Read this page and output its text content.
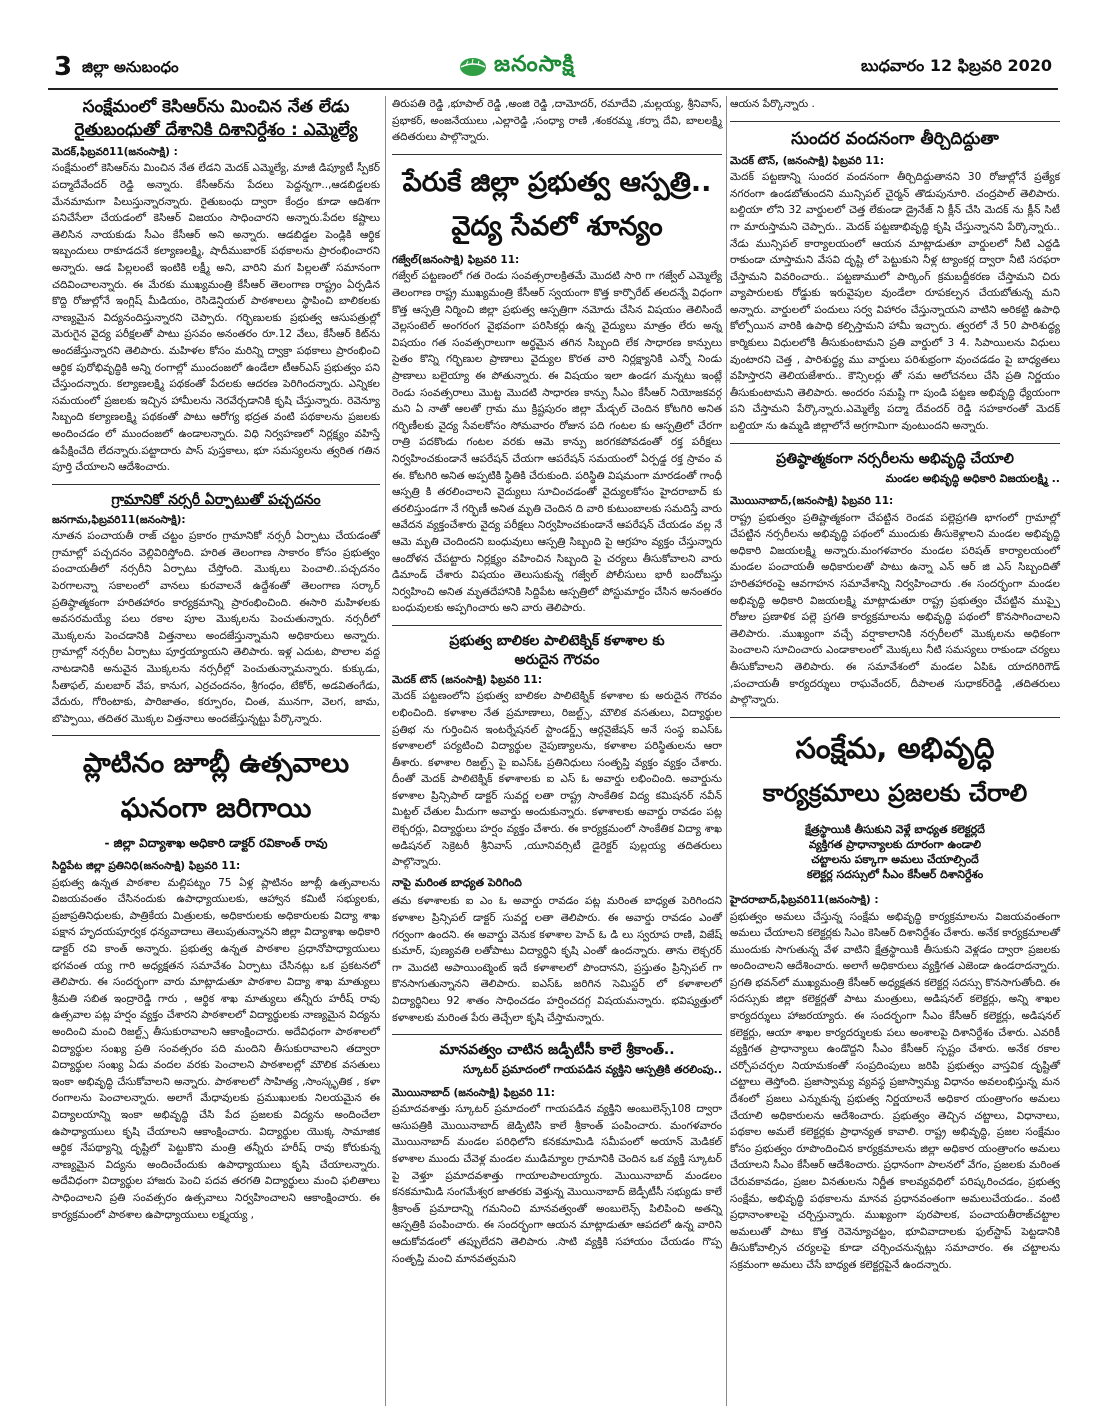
3 జిల్లా అనుబంధం	జనంసాక్షి	బుధవారం 12 ఫిబ్రవరి 2020
సంక్షేమంలో కెసిఆర్‌ను మించిన నేత లేడు
రైతుబంధుతో దేశానికి దిశానిర్దేశం : ఎమ్మెల్యే

మెదక్‌,ఫిబ్రవరి11(జనంసాక్షి) :

సంక్షేమంలో కెసిఆర్‌ను మించిన నేత లేడని మెదక్‌ ఎమ్మెల్యే, మాజీ డిప్యూటీ స్పీకర్‌ పద్మాదేవేందర్‌ రెడ్డి అన్నారు. కేసీఆర్‌ను పేదలు పెద్దన్నగా..,ఆడబిడ్డలకు మేనమామగా పిలుస్తున్నారన్నారు. రైతుబంధు ద్వారా కేంద్రం కూడా ఆదిశగా పనిచేసేలా చేయడంలో కెసిఆర్‌ విజయం సాధించారని అన్నారు.పేదల కష్టాలు తెలిసిన నాయకుడు సీఎం కేసీఆర్‌ అని అన్నారు. ఆడబిడ్డల పెండ్లికి ఆర్థిక ఇబ్బందులు రాకూడదనే కల్యాణలక్ష్మి, షాదీముబారక్‌ పథకాలను ప్రారంభించారని అన్నారు. ఆడ పిల్లలంటే ఇంటికి లక్ష్మీ అని, వారిని మగ పిల్లలతో సమానంగా చదివించాలన్నారు. ఈ మేరకు ముఖ్యమంత్రి కేసీఆర్‌ తెలంగాణ రాష్ట్రం ఏర్పడిన కొద్ది రోజుల్లోనే ఇంగ్లిష్‌ మీడియం, రెసిడెన్షియల్‌ పాఠశాలలు స్థాపించి బాలికలకు నాణ్యమైన విద్యనందిస్తున్నారని చెప్పారు. గర్భిణులకు ప్రభుత్వ ఆసుపత్రుల్లో మెరుగైన వైద్య పరీక్షలతో పాటు ప్రసవం అనంతరం రూ.12 వేలు, కేసీఆర్‌ కిట్‌ను అందజేస్తున్నారని తెలిపారు. మహిళల కోసం మరిన్ని ద్వాక్రా పథకాలు ప్రారంభించి ఆర్థిక పురోభివృద్ధికి అన్ని రంగాల్లో ముందంజలో ఉండేలా టీఆర్‌ఎస్‌ ప్రభుత్వం పని చేస్తుందన్నారు. కల్యాణలక్ష్మి పథకంతో పేదలకు ఆదరణ పెరిగిందన్నారు. ఎన్నికల సమయంలో ప్రజలకు ఇచ్చిన హామీలను నెరవేర్చడానికి కృషి చేస్తున్నారు. రెవెన్యూ సిబ్బంది కల్యాణలక్ష్మి పథకంతో పాటు ఆరోగ్య భద్రత వంటి పథకాలను ప్రజలకు అందించడం లో ముందంజలో ఉండాలన్నారు. విధి నిర్వహణలో నిర్లక్ష్యం వహిస్తే ఉపేక్షించేది లేదన్నారు.పట్టాదారు పాస్‌ పుస్తకాలు, భూ సమస్యలను త్వరిత గతిన పూర్తి చేయాలని ఆదేశించారు.

గ్రామానికో నర్సరీ ఏర్పాటుతో పచ్చదనం

జనగామ,ఫిబ్రవరి11(జనంసాక్షి):

నూతన పంచాయతీ రాజ్‌ చట్టం ప్రకారం గ్రామానికో నర్సరీ ఏర్పాటు చేయడంతో గ్రామాల్లో పచ్చదనం వెల్లివిరిస్తోంది. హరిత తెలంగాణ సాకారం కోసం ప్రభుత్వం పంచాయతీలో నర్సరీని ఏర్పాటు చేస్తోంది. మొక్కలు పెంచాలి..పచ్చదనం పెరగాలన్నా సకాలంలో వానలు కురవాలనే ఉద్దేశంతో తెలంగాణ సర్కార్‌ ప్రతిష్ఠాత్మకంగా హరితహారం కార్యక్రమాన్ని ప్రారంభించింది. ఈసారి మహిళలకు అవసరమయ్యే పలు రకాల పూల మొక్కలను పెంచుతున్నారు. నర్సరీలో మొక్కలను పెంచడానికి విత్తనాలు అందజేస్తున్నామని అధికారులు అన్నారు. గ్రామాల్లో నర్సరీల ఏర్పాటు పూర్తయ్యాయని తెలిపారు. ఇళ్ల ఎదుట, పొలాల వద్ద నాటడానికి అనువైన మొక్కలను నర్సరీల్లో పెంచుతున్నామన్నారు. కుక్కుడు, సీతాఫల్‌, మలబార్‌ వేప, కానుగ, ఎర్రచందనం, శ్రీగంధం, టేకోర్‌, అడవితంగేడు, వేదురు, గోరింటాకు, పారిజాతం, కర్పూరం, చింత, మునగా, వెలగ, జామ, బొప్పాయి, తదితర మొక్కల విత్తనాలు అందజేస్తున్నట్టు పేర్కొన్నారు.

ప్లాటినం జూబ్లీ ఉత్సవాలు
ఘనంగా జరిగాయి

- జిల్లా విద్యాశాఖ అధికారి డాక్టర్‌ రవికాంత్‌ రావు

సిద్దిపేట జిల్లా ప్రతినిధి(జనంసాక్షి) ఫిబ్రవరి 11:

ప్రభుత్వ ఉన్నత పాఠశాల మల్లిపట్నం 75 ఏళ్ల ప్లాటినం జూబ్లీ ఉత్సవాలను విజయవంతం చేసినందుకు ఉపాధ్యాయులకు, ఆహ్వాన కమిటీ సభ్యులకు, ప్రజాప్రతినిధులకు, పాత్రికేయ మిత్రులకు, అధికారులకు అధికారులకు విద్యా శాఖ పక్షాన హృదయపూర్వక ధన్యవాదాలు తెలుపుతున్నానని జిల్లా విద్యాశాఖ అధికారి డాక్టర్‌ రవి కాంత్‌ అన్నారు. ప్రభుత్వ ఉన్నత పాఠశాల ప్రధానోపాధ్యాయులు భగవంత య్య గారి అధ్యక్షతన సమావేశం ఏర్పాటు చేసినట్లు ఒక ప్రకటనలో తెలిపారు. ఈ సందర్భంగా వారు మాట్లాడుతూ పాఠశాల విద్యా శాఖ మాత్యులు శ్రీమతి సబిత ఇంద్రారెడ్డి గారు , ఆర్థిక శాఖ మాత్యులు తన్నీరు హరీష్‌ రావు ఉత్సవాల పట్ల హర్షం వ్యక్తం చేశారని పాఠశాలలో విద్యార్థులకు నాణ్యమైన విద్యను అందించి మంచి రిజల్ట్స్‌ తీసుకురావాలని ఆకాంక్షించారు. అదేవిధంగా పాఠశాలలో విద్యార్థుల సంఖ్య ప్రతి సంవత్సరం పది మందిని తీసుకురావాలని తద్వారా విద్యార్థుల సంఖ్య ఏడు వందల వరకు పెంచాలని పాఠశాలల్లో మౌలిక వసతులు ఇంకా అభివృద్ధి చేసుకోవాలని అన్నారు. పాఠశాలలో సాహిత్య ,సాంస్కృతిక , కళా రంగాలను పెంచాలన్నారు. అలాగే మేధావులకు ప్రముఖులకు నిలయమైన ఈ విద్యాలయాన్ని ఇంకా అభివృద్ధి చేసి పేద ప్రజలకు విద్యను అందించేలా ఉపాధ్యాయులు కృషి చేయాలని ఆకాంక్షించారు. విద్యార్థుల యొక్క సామాజిక ఆర్థిక నేపథ్యాన్ని దృష్టిలో పెట్టుకొని మంత్రి తన్నీరు హరీష్‌ రావు కోరుకున్న నాణ్యమైన విద్యను అందించేందుకు ఉపాధ్యాయులు కృషి చేయాలన్నారు. అదేవిధంగా విద్యార్థుల హాజరు పెంచి పదవ తరగతి విద్యార్థులు మంచి ఫలితాలు సాధించాలని ప్రతి సంవత్సరం ఉత్సవాలు నిర్వహించాలని ఆకాంక్షించారు. ఈ కార్యక్రమంలో పాఠశాల ఉపాధ్యాయులు లక్ష్మయ్య ,

తిరుపతి రెడ్డి ,భూపాల్‌ రెడ్డి ,అంజి రెడ్డి ,దామోదర్‌, రమాదేవి ,మల్లయ్య, శ్రీనివాస్‌, ప్రభాకర్‌, అంజనేయులు ,ఎల్లారెడ్డి ,సంధ్యా రాణి ,శంకరమ్మ ,కర్నా దేవి, బాలలక్ష్మి తదితరులు పాల్గొన్నారు.

పేరుకే జిల్లా ప్రభుత్వ ఆస్పత్రి..
వైద్య సేవలో శూన్యం

గజ్వేల్‌(జనంసాక్షి) ఫిబ్రవరి 11:

గజ్వేల్‌ పట్టణంలో గత రెండు సంవత్సరాలక్రితమే మొదటి సారి గా గజ్వేల్‌ ఎమ్మెల్యే తెలంగాణ రాష్ట్ర ముఖ్యమంత్రి కేసీఆర్‌ స్వయంగా కొత్త కార్పొరేట్‌ తలదన్నే విధంగా కొత్త ఆస్పత్రి నిర్మించి జిల్లా ప్రభుత్వ ఆస్పత్రిగా నమోదు చేసిన విషయం తెలిసిందే వెల్లసంటెల్‌ అంగరంగ వైభవంగా పరిసికర్లు ఉన్న వైద్యులు మాత్రం లేరు అన్న విషయం గత సంవత్సరాలుగా అర్థమైన తగిన సిబ్బంది లేక సాధారణ కాన్పులు సైతం కొన్ని గర్భిణుల ప్రాణాలు వైద్యుల కొరత వారి నిర్లక్ష్యానికి ఎన్నో నిండు ప్రాణాలు బలైయ్యా ఈ పోతున్నారు. ఈ విషయం ఇలా ఉండగ మన్నటు ఇంట్లే రెండు సంవత్సరాలు మొట్ట మొదటి సాధారణ కాన్పు సీఎం కేసీఆర్‌ నియోజకవర్గ మని ఏ నాతో ఆలతో గ్రామ ము క్రిష్టపురం జిల్లా మేడ్చల్‌ చెందిన కోటగిరి అనిత గర్భిణీలకు వైద్య సేవలకోసం సోమవారం రోజున పది గంటల కు ఆస్పత్రిలో చేరగా రాత్రి పదకొండు గంటల వరకు ఆమె కాన్పు జరగకపోవడంతో రక్త పరీక్షలు నిర్వహించకుండానే ఆపరేషన్‌ చేయగా ఆపరేషన్‌ సమయంలో ఏర్పడ్డ రక్త స్రావం వ ఈ. కోటగిరి అనిత అప్పటికి స్థితికి చేరుకుంది. పరిస్థితి విషమంగా మారడంతో గాంధీ ఆస్పత్రి కి తరలించాలని వైద్యులు సూచించడంతో వైద్యులకోసం హైదరాబాద్‌ కు తరలిస్తుండగా నే గర్భిణీ అనిత మృతి చెందిన ది వారి కుటుంబాలకు సమదిస్తే వారు ఆవేదన వ్యక్తంచేశారు వైద్య పరీక్షలు నిర్వహించకుండానే ఆపరేషన్‌ చేయడం వల్ల నే ఆమె మృతి చెందిందని బంధువులు ఆస్పత్రి సిబ్బంది పై ఆగ్రహం వ్యక్తం చేస్తున్నారు ఆందోళన చేపట్టారు నిర్లక్ష్యం వహించిన సిబ్బంది పై చర్యలు తీసుకోవాలని వారు డిమాండ్‌ చేశారు విషయం తెలుసుకున్న గజ్వేల్‌ పోలీసులు భారీ బందోబస్తు నిర్వహించి అనిత మృతదేహానికి సిద్దిపేట ఆస్పత్రిలో పోస్టుమార్టం చేసిన అనంతరం బంధువులకు అప్పగించారు అని వారు తెలిపారు.

ప్రభుత్వ బాలికల పాలిటెక్నిక్‌ కళాశాల కు
అరుదైన గౌరవం

మెదక్‌ టౌన్‌ (జనంసాక్షి) ఫిబ్రవరి 11:

మెదక్‌ పట్టణంలోని ప్రభుత్వ బాలికల పాలిటెక్నిక్‌ కళాశాల కు అరుదైన గౌరవం లభించింది. కళాశాల నేత ప్రమాణాలు, రిజల్ట్స్‌, మౌలిక వసతులు, విద్యార్థుల ప్రతిభ ను గుర్తించిన ఇంటర్నేషనల్‌ స్టాండర్డ్స్‌ ఆర్గనైజేషన్‌ అనే సంస్థ ఐఎస్‌ఓ కళాశాలలో పర్యటించి విద్యార్థుల నైపుణ్యాలను, కళాశాల పరిస్థితులను ఆరా తీశారు. కళాశాల రిజల్ట్స్‌ పై ఐఎస్‌ఓ ప్రతినిధులు సంతృప్తి వ్యక్తం వ్యక్తం చేశారు. దీంతో మెదక్‌ పాలిటెక్నిక్‌ కళాశాలకు ఐ ఎస్‌ ఓ అవార్డు లభించింది. అవార్డును కళాశాల ప్రిన్సిపాల్‌ డాక్టర్‌ సువర్ణ లతా రాష్ట్ర సాంకేతిక విద్య కమిషనర్‌ నవీన్‌ మిట్టల్‌ చేతుల మీదుగా అవార్డు అందుకున్నారు. కళాశాలకు అవార్డు రావడం పట్ల లెక్చరర్లు, విద్యార్థులు హర్షం వ్యక్తం చేశారు. ఈ కార్యక్రమంలో సాంకేతిక విద్యా శాఖ అడిషనల్‌ సెక్రెటరీ శ్రీనివాస్‌ ,యూనివర్సిటీ డైరెక్టర్‌ పుల్లయ్య తదితరులు పాల్గొన్నారు.

నాపై మరింత బాధ్యత పెరిగింది

తమ కళాశాలకు ఐ ఎం ఓ అవార్డు రావడం పట్ల మరింత బాధ్యత పెరిగిందని కళాశాల ప్రిన్సిపల్‌ డాక్టర్‌ సువర్ణ లతా తెలిపారు. ఈ అవార్డు రావడం ఎంతో గర్వంగా ఉందని. ఈ అవార్డు వెనుక కళాశాల హెచ్‌ ఓ డి లు స్వరూప రాణి, విజేష్‌ కుమార్‌, పుణ్యవతి లతోపాటు విద్యార్థిని కృషి ఎంతో ఉందన్నారు. తాను లెక్చరర్‌ గా మొదటి అపాయింట్మెంట్‌ ఇదే కళాశాలలో పొందానని, ప్రస్తుతం ప్రిన్సిపల్‌ గా కొనసాగుతున్నానని తెలిపారు. ఐఎస్‌ఓ జరిగిన సెమిస్టర్‌ లో కళాశాలలో విద్యార్థినిలు 92 శాతం సాధించడం హర్షించదగ్గ విషయమన్నారు. భవిష్యత్తులో కళాశాలకు మరింత పేరు తెచ్చేలా కృషి చేస్తామన్నారు.

మానవత్వం చాటిన జడ్పీటీసీ కాలే శ్రీకాంత్‌..

స్కూటర్‌ ప్రమాదంలో గాయపడిన వ్యక్తిని ఆస్పత్రికి తరలింపు..

మొయినాబాద్‌ (జనంసాక్షి) ఫిబ్రవరి 11:

ప్రమాదవశాత్తు స్కూటర్‌ ప్రమాదంలో గాయపడిన వ్యక్తిని అంబులెన్స్‌108 ద్వారా ఆసుపత్రికి మొయినాబాద్‌ జెడ్పిటిసి కాలే శ్రీకాంత్‌ పంపించారు. మంగళవారం మొయినాబాద్‌ మండల పరిధిలోని కనకమామిడి సమీపంలో అయాన్‌ మెడికల్‌ కళాశాల ముందు చేవెళ్ల మండల ముడిమ్యాల గ్రామానికి చెందిన ఒక వ్యక్తి స్కూటర్‌ పై వెళ్తూ ప్రమాదవశాత్తు గాయాలపాలయ్యారు. మొయినాబాద్‌ మండలం కనకమామిడి సంగమేశ్వర జాతరకు వెళ్తున్న మొయినాబాద్‌ జెడ్పీటీసీ సభ్యుడు కాలే శ్రీకాంత్‌ ప్రమాదాన్ని గమనించి మానవత్వంతో అంబులెన్స్‌ పిలిపించి అతన్ని ఆస్పత్రికి పంపించారు. ఈ సందర్భంగా ఆయన మాట్లాడుతూ ఆపదలో ఉన్న వారిని ఆదుకోవడంలో తప్పులేదని తెలిపారు .సాటి వ్యక్తికి సహాయం చేయడం గొప్ప సంతృప్తి మంచి మానవత్వమని

ఆయన పేర్కొన్నారు .

సుందర వందనంగా తీర్చిదిద్దుతా

మెదక్‌ టౌన్‌, (జనంసాక్షి) ఫిబ్రవరి 11:

మెదక్‌ పట్టణాన్ని సుందర వందనంగా తీర్చిదిద్దుతానని 30 రోజుల్లోనే ప్రత్యేక నగరంగా ఉండబోతుందని మున్సిపల్‌ చైర్మన్‌ తొడుపునూరి. చంద్రపాల్‌ తెలిపారు. బల్దియా లోని 32 వార్డులలో చెత్త లేకుండా డ్రైనేజ్‌ ని క్లీన్‌ చేసి మెదక్‌ ను క్లీన్‌ సిటీ గా మారుస్తామని చెప్పారు.. మెదక్‌ పట్టణాభివృద్ధి కృషి చేస్తున్నానని పేర్కొన్నారు.. నేడు మున్సిపల్‌ కార్యాలయంలో ఆయన మాట్లాడుతూ వార్డులలో నీటి ఎద్దడి రాకుండా చూస్తామని వేసవి దృష్టి లో పెట్టుకుని నీళ్ల ట్యాంకర్ల ద్వారా నీటి సరఫరా చేస్తామని వివరించారు.. పట్టణాములో పార్కింగ్‌ క్రమబద్దీకరణ చేస్తామని చిరు వ్యాపారులకు రోడ్డుకు ఇరువైపుల వుండేలా రూపకల్పన చేయబోతున్న మని అన్నారు. వార్డులలో పందులు సర్వ విహారం చేస్తున్నాయని వాటిని అరికట్టి ఉపాధి కోల్పోయిన వారికి ఉపాధి కల్పిస్తామని హామీ ఇచ్చారు. త్వరలో నే 50 పారిశుద్ధ్య కార్మికులు విధులలోకి తీసుకుంటామని ప్రతి వార్డులో 3 4. సిపాయిలను విధులు వుంటారని చెత్త , పారిశుద్ధ్య ము వార్డులు పరిశుభ్రంగా వుంచడడం పై బాధ్యతలు వహిస్తారని తెలియజేశారు.. కౌన్సిలర్లు తో సమ ఆలోచనలు చేసి ప్రతి నిర్ణయం తీసుకుంటామని తెలిపారు. అందరం సమష్టి గా పుండి పట్టణ అభివృద్ధి ధ్యేయంగా పని చేస్తామని పేర్కొన్నారు.ఎమ్మెల్యే పద్మా దేవందర్‌ రెడ్డి సహకారంతో మెదక్‌ బల్దియా ను ఉమ్మడి జిల్లాలోనే అగ్రగామిగా వుంటుందని అన్నారు.

ప్రతిష్ఠాత్మకంగా నర్సరీలను అభివృద్ధి చేయాలి

మండల అభివృద్ధి అధికారి విజయలక్ష్మి ..

మొయినాబాద్‌,(జనంసాక్షి) ఫిబ్రవరి 11:

రాష్ట్ర ప్రభుత్వం ప్రతిష్టాత్మకంగా చేపట్టిన రెండవ పల్లెప్రగతి భాగంలో గ్రామాల్లో చేపట్టిన నర్సరీలను అభివృద్ధి పథంలో ముందుకు తీసుకెళ్లాలని మండల అభివృద్ధి అధికారి విజయలక్ష్మి అన్నారు.మంగళవారం మండల పరిషత్‌ కార్యాలయంలో మండల పంచాయతీ అధికారులతో పాటు ఉన్నా ఎన్‌ ఆర్‌ జి ఎస్‌ సిబ్బందితో హరితహారంపై ఆవగాహన సమావేశాన్ని నిర్వహించారు .ఈ సందర్భంగా మండల అభివృద్ధి అధికారి విజయలక్ష్మి మాట్లాడుతూ రాష్ట్ర ప్రభుత్వం చేపట్టిన ముప్పై రోజుల ప్రణాళిక పల్లె ప్రగతి కార్యక్రమాలను అభివృద్ధి పథంలో కొనసాగించాలని తెలిపారు. .ముఖ్యంగా వచ్చే వర్షాకాలానికి నర్సరీలలో మొక్కలను అధికంగా పెంచాలని సూచించారు ఎండాకాలంలో మొక్కలు నీటి సమస్యలు రాకుండా చర్యలు తీసుకోవాలని తెలిపారు. ఈ సమావేశంలో మండల ఏపిఓ యాదగిరిగౌడ్‌ ,పంచాయతీ కార్యదర్శులు రాఘవేందర్‌, దీపాలత సుధాకర్‌రెడ్డి ,తదితరులు పాల్గొన్నారు.

సంక్షేమ, అభివృద్ధి
కార్యక్రమాలు ప్రజలకు చేరాలి

క్షేత్రస్థాయికి తీసుకుని వెళ్లే బాధ్యత కలెక్టర్లదే

వ్యక్తిగత ప్రాధాన్యాలకు దూరంగా ఉండాలి

చట్టాలను పక్కాగా అమలు చేయాల్సిందే

కలెక్టర్ల సదస్సులో సీఎం కేసీఆర్‌ దిశానిర్దేశం

హైదరాబాద్‌,ఫిబ్రవరి11(జనంసాక్షి) :

ప్రభుత్వం అమలు చేస్తున్న సంక్షేమ అభివృద్ధి కార్యక్రమాలను విజయవంతంగా అమలు చేయాలని కలెక్టర్లకు సిఎం కెసిఆర్‌ దిశానిర్దేశం చేశారు. అనేక కార్యక్రమాలతో ముందుకు సాగుతున్న వేళ వాటిని క్షేత్రస్థాయికి తీసుకుని వెళ్లడం ద్వారా ప్రజలకు అందించాలని ఆదేశించారు. అలాగే అధికారులు వ్యక్తిగత ఎజెండా ఉండరాదన్నారు. ప్రగతి భవన్‌లో ముఖ్యమంత్రి కేసీఆర్‌ అధ్యక్షతన కలెక్టర్ల సదస్సు కొనసాగుతోంది. ఈ సదస్సుకు జిల్లా కలెక్టర్లతో పాటు మంత్రులు, అడిషనల్‌ కలెక్టర్లు, అన్ని శాఖల కార్యదర్శులు హాజరయ్యారు. ఈ సందర్భంగా సీఎం కేసీఆర్‌ కలెక్టర్లు, అడిషనల్‌ కలెక్టర్లు, ఆయా శాఖల కార్యదర్శులకు పలు అంశాలపై దిశానిర్దేశం చేశారు. ఎవరికీ వ్యక్తిగత ప్రాధాన్యాలు ఉండొద్దని సీఎం కేసీఆర్‌ స్పష్టం చేశారు. అనేక రకాల చర్చోపచర్చల నియామకంతో సంప్రదింపులు జరిపి ప్రభుత్వం వాస్తవిక దృష్టితో చట్టాలు తెస్తోంది. ప్రజాస్వామ్య వ్యవస్థ ప్రజాస్వామ్య విధానం అవలంభిస్తున్న మన దేశంలో ప్రజలు ఎన్నుకున్న ప్రభుత్వ నిర్ణయాలనే అధికార యంత్రాంగం అమలు చేయాలి అధికారులను ఆదేశించారు. ప్రభుత్వం తెచ్చిన చట్టాలు, విధానాలు, పథకాల అమలే కలెక్టర్లకు ప్రాధాన్యత కావాలి. రాష్ట్ర అభివృద్ధి, ప్రజల సంక్షేమం కోసం ప్రభుత్వం రూపొందించిన కార్యక్రమాలను జిల్లా అధికార యంత్రాంగం అమలు చేయాలని సీఎం కేసీఆర్‌ ఆదేశించారు. ప్రధానంగా పాలనలో వేగం, ప్రజలకు మరింత చేరువకావడం, ప్రజల వినతులను నిర్ణీత కాలవ్యవధిలో పరిష్కరించడం, ప్రభుత్వ సంక్షేమ, అభివృద్ధి పథకాలను మానవ ప్రధానవంతంగా అమలుచేయడం.. వంటి ప్రధానాంశాలపై చర్చిస్తున్నారు. ముఖ్యంగా పురపాలక, పంచాయతీరాజ్‌చట్టాల అమలుతో పాటు కొత్త రెవెన్యూచట్టం, భూవివాదాలకు ఫుల్‌స్టాప్‌ పెట్టడానికి తీసుకోవాల్సిన చర్యలపై కూడా చర్చించనున్నట్లు సమాచారం. ఈ చట్టాలను సక్రమంగా అమలు చేసే బాధ్యత కలెక్టర్లపైనే ఉందన్నారు.
